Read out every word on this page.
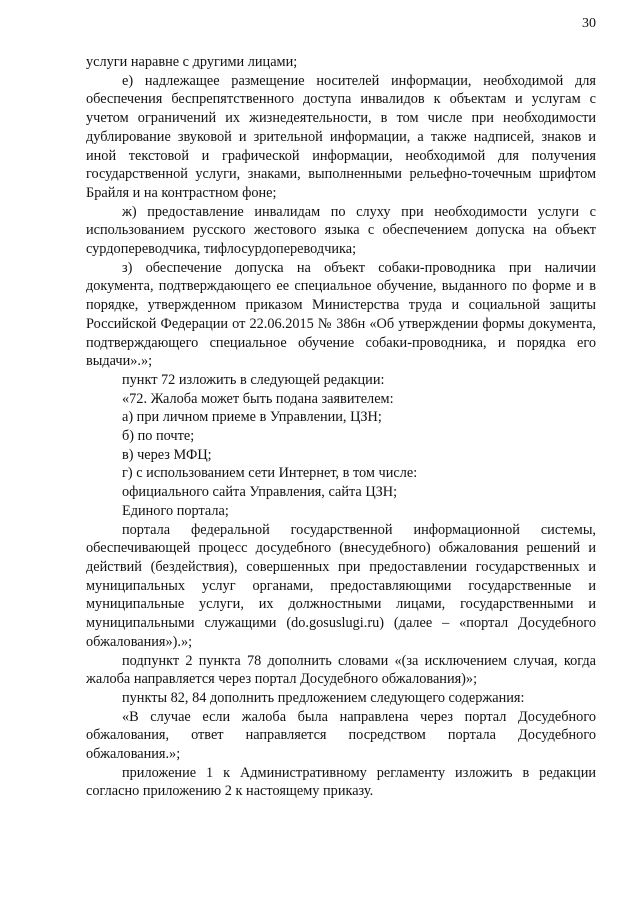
30

услуги наравне с другими лицами;

е) надлежащее размещение носителей информации, необходимой для обеспечения беспрепятственного доступа инвалидов к объектам и услугам с учетом ограничений их жизнедеятельности, в том числе при необходимости дублирование звуковой и зрительной информации, а также надписей, знаков и иной текстовой и графической информации, необходимой для получения государственной услуги, знаками, выполненными рельефно-точечным шрифтом Брайля и на контрастном фоне;

ж) предоставление инвалидам по слуху при необходимости услуги с использованием русского жестового языка с обеспечением допуска на объект сурдопереводчика, тифлосурдопереводчика;

з) обеспечение допуска на объект собаки-проводника при наличии документа, подтверждающего ее специальное обучение, выданного по форме и в порядке, утвержденном приказом Министерства труда и социальной защиты Российской Федерации от 22.06.2015 № 386н «Об утверждении формы документа, подтверждающего специальное обучение собаки-проводника, и порядка его выдачи».»;

пункт 72 изложить в следующей редакции:

«72. Жалоба может быть подана заявителем:

а) при личном приеме в Управлении, ЦЗН;

б) по почте;

в) через МФЦ;

г) с использованием сети Интернет, в том числе:

официального сайта Управления, сайта ЦЗН;

Единого портала;

портала федеральной государственной информационной системы, обеспечивающей процесс досудебного (внесудебного) обжалования решений и действий (бездействия), совершенных при предоставлении государственных и муниципальных услуг органами, предоставляющими государственные и муниципальные услуги, их должностными лицами, государственными и муниципальными служащими (do.gosuslugi.ru) (далее – «портал Досудебного обжалования»).»;

подпункт 2 пункта 78 дополнить словами «(за исключением случая, когда жалоба направляется через портал Досудебного обжалования)»;

пункты 82, 84 дополнить предложением следующего содержания:

«В случае если жалоба была направлена через портал Досудебного обжалования, ответ направляется посредством портала Досудебного обжалования.»;

приложение 1 к Административному регламенту изложить в редакции согласно приложению 2 к настоящему приказу.
